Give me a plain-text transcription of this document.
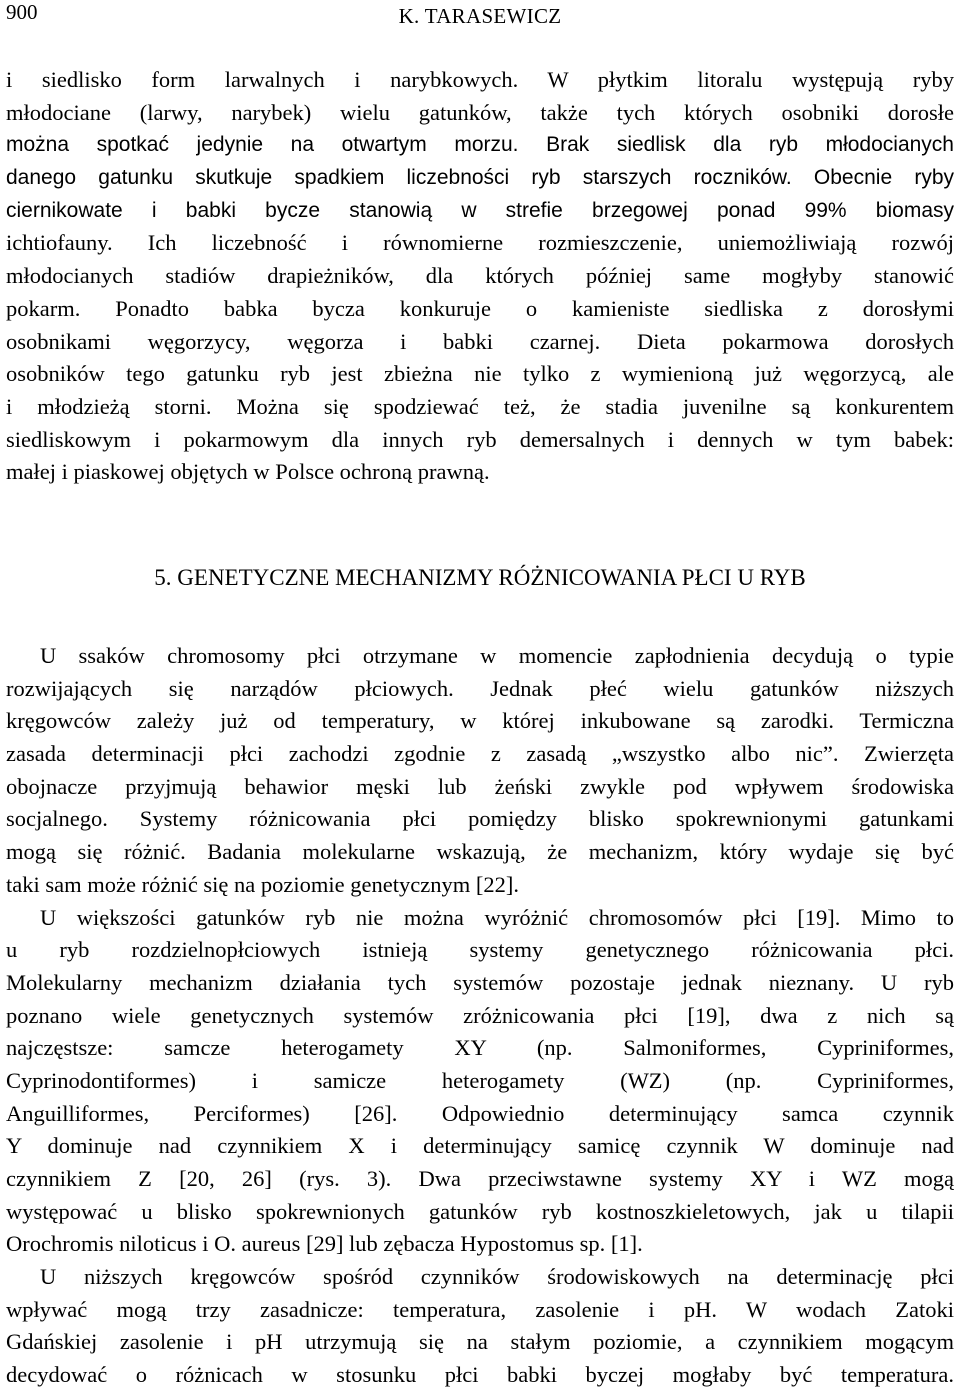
900	K. TARASEWICZ
i siedlisko form larwalnych i narybkowych. W płytkim litoralu występują ryby
młodociane (larwy, narybek) wielu gatunków, także tych których osobniki dorosłe
można spotkać jedynie na otwartym morzu. Brak siedlisk dla ryb młodocianych
danego gatunku skutkuje spadkiem liczebności ryb starszych roczników. Obecnie ryby
ciernikowate i babki bycze stanowią w strefie brzegowej ponad 99% biomasy
ichtiofauny. Ich liczebność i równomierne rozmieszczenie, uniemożliwiają rozwój
młodocianych stadiów drapieżników, dla których później same mogłyby stanowić
pokarm. Ponadto babka bycza konkuruje o kamieniste siedliska z dorosłymi
osobnikami węgorzycy, węgorza i babki czarnej. Dieta pokarmowa dorosłych
osobników tego gatunku ryb jest zbieżna nie tylko z wymienioną już węgorzycą, ale
i młodzieżą storni. Można się spodziewać też, że stadia juvenilne są konkurentem
siedliskowym i pokarmowym dla innych ryb demersalnych i dennych w tym babek:
małej i piaskowej objętych w Polsce ochroną prawną.
5. GENETYCZNE MECHANIZMY RÓŻNICOWANIA PŁCI U RYB
U ssaków chromosomy płci otrzymane w momencie zapłodnienia decydują o typie
rozwijających się narządów płciowych. Jednak płeć wielu gatunków niższych
kręgowców zależy już od temperatury, w której inkubowane są zarodki. Termiczna
zasada determinacji płci zachodzi zgodnie z zasadą „wszystko albo nic”. Zwierzęta
obojnacze przyjmują behawior męski lub żeński zwykle pod wpływem środowiska
socjalnego. Systemy różnicowania płci pomiędzy blisko spokrewnionymi gatunkami
mogą się różnić. Badania molekularne wskazują, że mechanizm, który wydaje się być
taki sam może różnić się na poziomie genetycznym [22].
U większości gatunków ryb nie można wyróżnić chromosomów płci [19]. Mimo to
u ryb rozdzielnopłciowych istnieją systemy genetycznego różnicowania płci.
Molekularny mechanizm działania tych systemów pozostaje jednak nieznany. U ryb
poznano wiele genetycznych systemów zróżnicowania płci [19], dwa z nich są
najczęstsze: samcze heterogamety XY (np. Salmoniformes, Cypriniformes,
Cyprinodontiformes) i samicze heterogamety (WZ) (np. Cypriniformes,
Anguilliformes, Perciformes) [26]. Odpowiednio determinujący samca czynnik
Y dominuje nad czynnikiem X i determinujący samicę czynnik W dominuje nad
czynnikiem Z [20, 26] (rys. 3). Dwa przeciwstawne systemy XY i WZ mogą
występować u blisko spokrewnionych gatunków ryb kostnoszkieletowych, jak u tilapii
Orochromis niloticus i O. aureus [29] lub zębacza Hypostomus sp. [1].
U niższych kręgowców spośród czynników środowiskowych na determinację płci
wpływać mogą trzy zasadnicze: temperatura, zasolenie i pH. W wodach Zatoki
Gdańskiej zasolenie i pH utrzymują się na stałym poziomie, a czynnikiem mogącym
decydować o różnicach w stosunku płci babki byczej mogłaby być temperatura.
